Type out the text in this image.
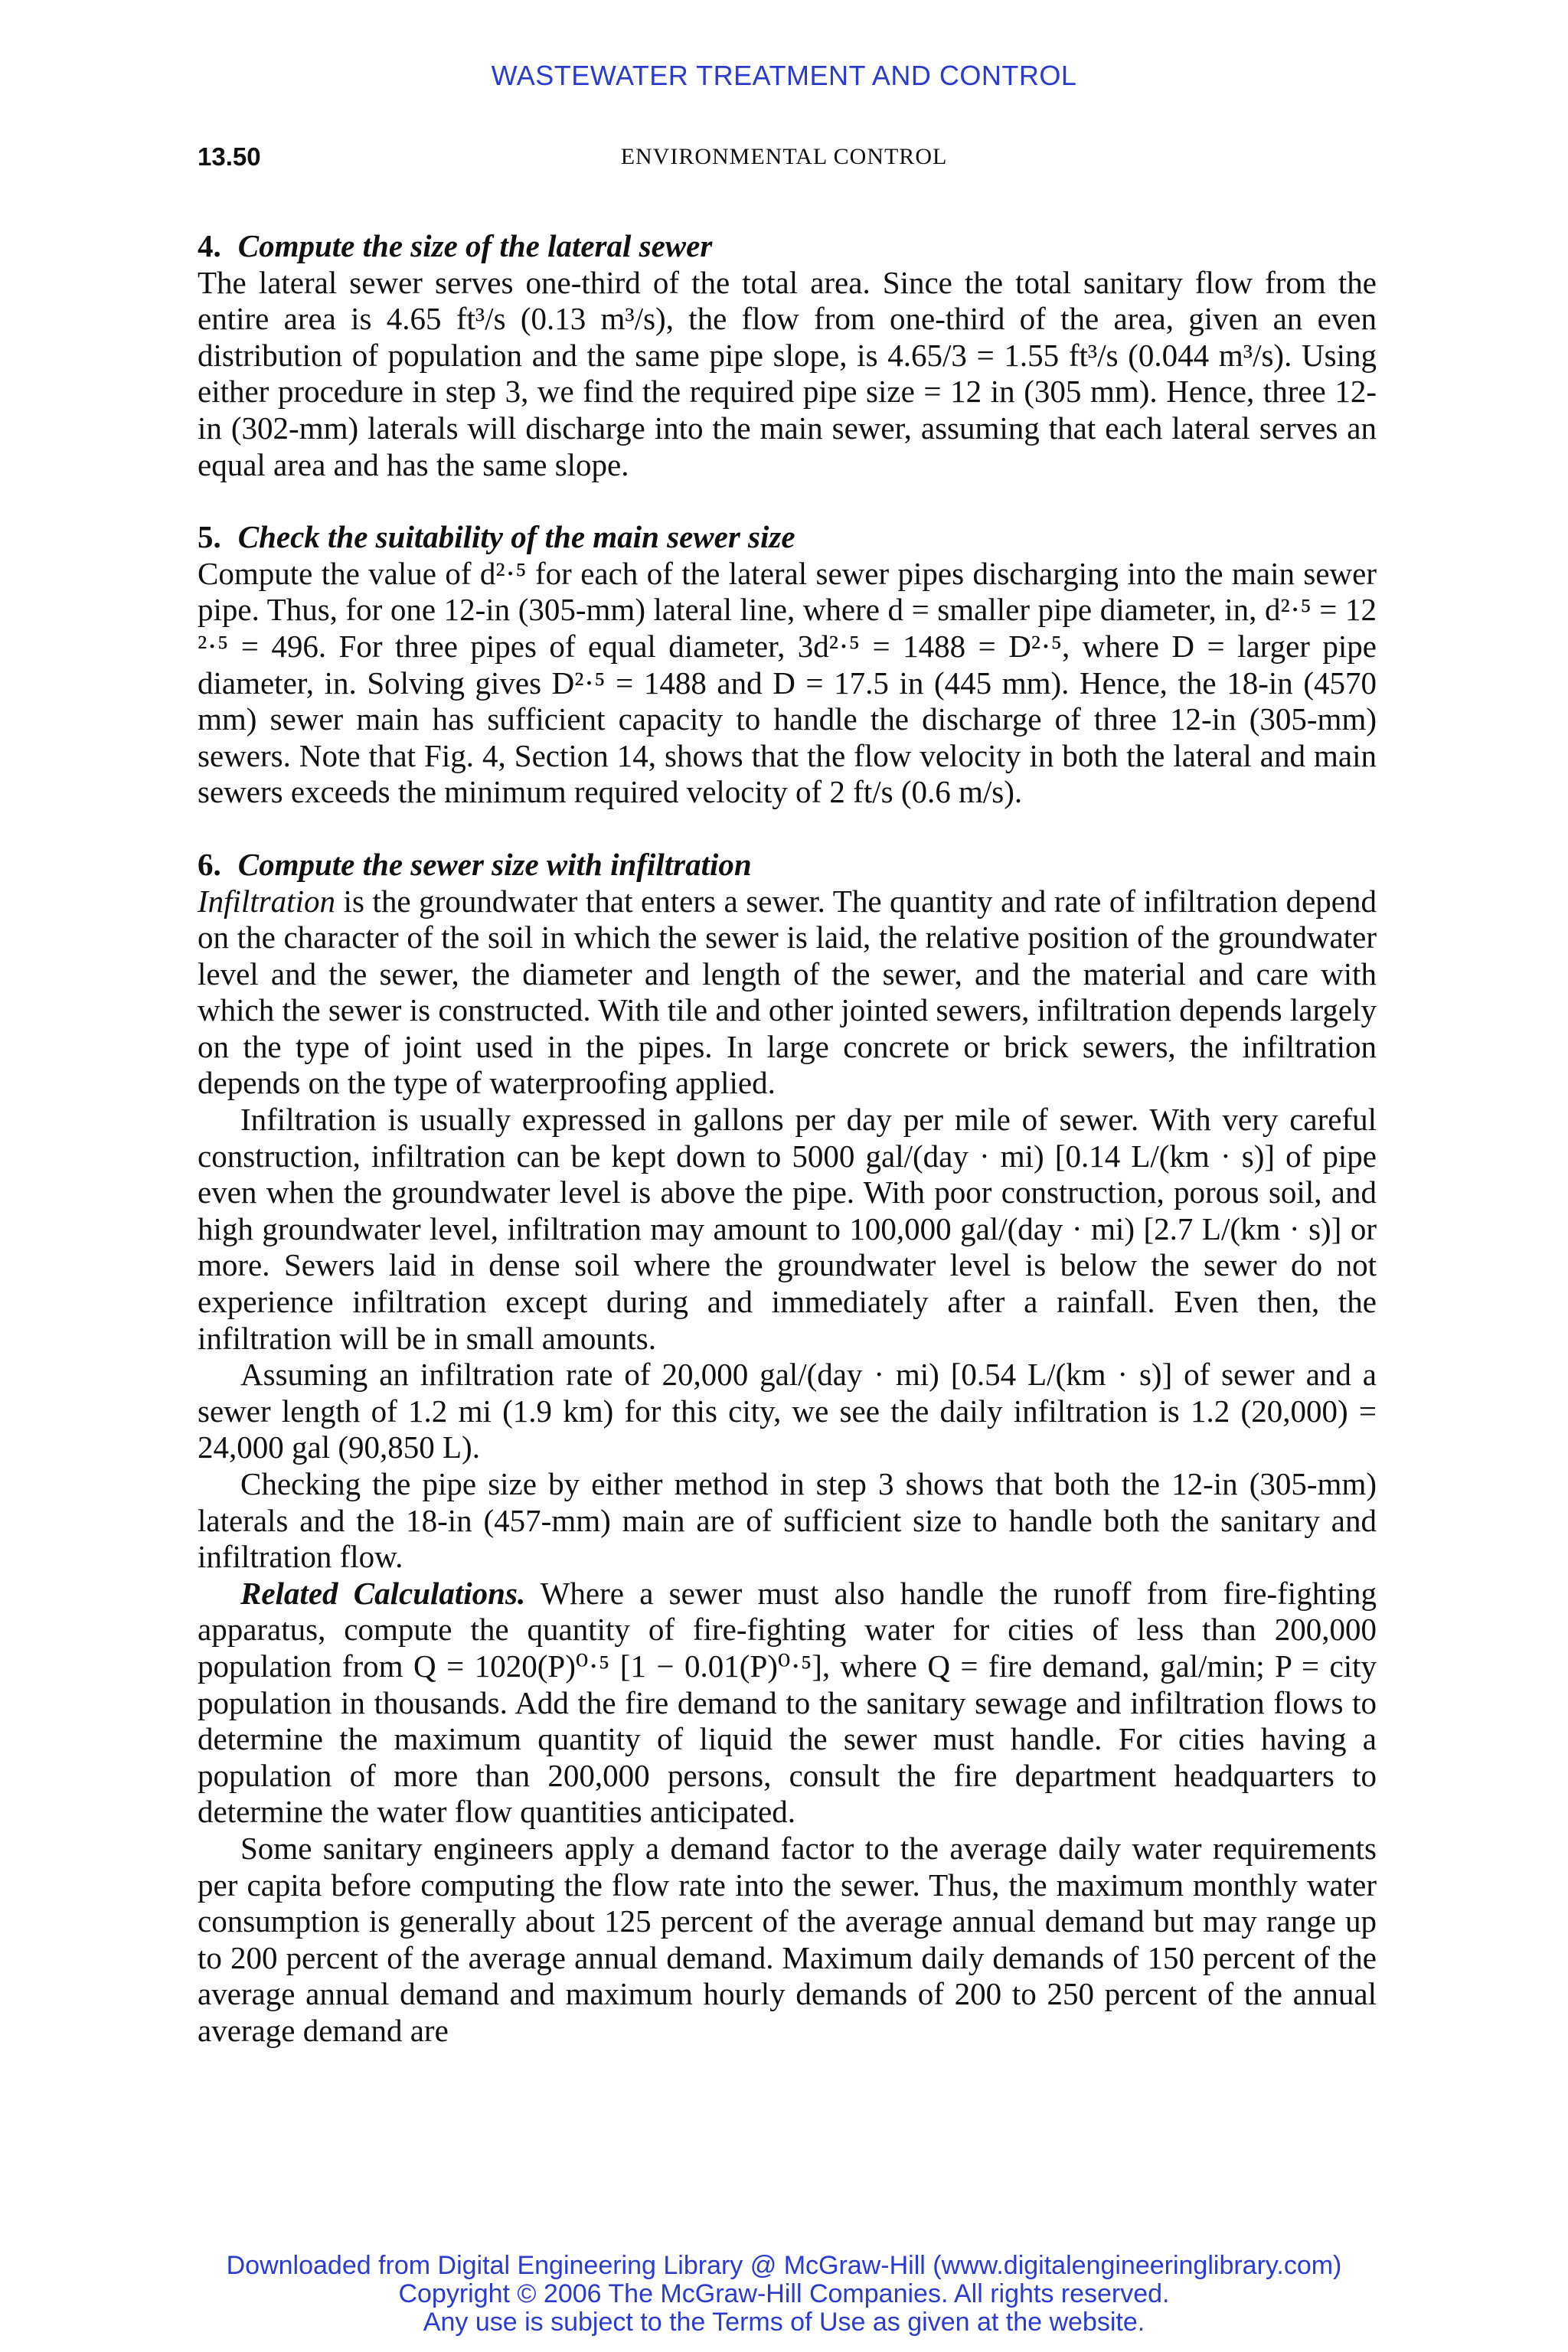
WASTEWATER TREATMENT AND CONTROL
13.50	ENVIRONMENTAL CONTROL
4. Compute the size of the lateral sewer

The lateral sewer serves one-third of the total area. Since the total sanitary flow from the entire area is 4.65 ft³/s (0.13 m³/s), the flow from one-third of the area, given an even distribution of population and the same pipe slope, is 4.65/3 = 1.55 ft³/s (0.044 m³/s). Using either procedure in step 3, we find the required pipe size = 12 in (305 mm). Hence, three 12-in (302-mm) laterals will discharge into the main sewer, assuming that each lateral serves an equal area and has the same slope.

5. Check the suitability of the main sewer size

Compute the value of d²·⁵ for each of the lateral sewer pipes discharging into the main sewer pipe. Thus, for one 12-in (305-mm) lateral line, where d = smaller pipe diameter, in, d²·⁵ = 12 ²·⁵ = 496. For three pipes of equal diameter, 3d²·⁵ = 1488 = D²·⁵, where D = larger pipe diameter, in. Solving gives D²·⁵ = 1488 and D = 17.5 in (445 mm). Hence, the 18-in (4570 mm) sewer main has sufficient capacity to handle the discharge of three 12-in (305-mm) sewers. Note that Fig. 4, Section 14, shows that the flow velocity in both the lateral and main sewers exceeds the minimum required velocity of 2 ft/s (0.6 m/s).

6. Compute the sewer size with infiltration

Infiltration is the groundwater that enters a sewer. The quantity and rate of infiltration depend on the character of the soil in which the sewer is laid, the relative position of the groundwater level and the sewer, the diameter and length of the sewer, and the material and care with which the sewer is constructed. With tile and other jointed sewers, infiltration depends largely on the type of joint used in the pipes. In large concrete or brick sewers, the infiltration depends on the type of waterproofing applied.

Infiltration is usually expressed in gallons per day per mile of sewer. With very careful construction, infiltration can be kept down to 5000 gal/(day · mi) [0.14 L/(km · s)] of pipe even when the groundwater level is above the pipe. With poor construction, porous soil, and high groundwater level, infiltration may amount to 100,000 gal/(day · mi) [2.7 L/(km · s)] or more. Sewers laid in dense soil where the groundwater level is below the sewer do not experience infiltration except during and immediately after a rainfall. Even then, the infiltration will be in small amounts.

Assuming an infiltration rate of 20,000 gal/(day · mi) [0.54 L/(km · s)] of sewer and a sewer length of 1.2 mi (1.9 km) for this city, we see the daily infiltration is 1.2 (20,000) = 24,000 gal (90,850 L).

Checking the pipe size by either method in step 3 shows that both the 12-in (305-mm) laterals and the 18-in (457-mm) main are of sufficient size to handle both the sanitary and infiltration flow.

Related Calculations. Where a sewer must also handle the runoff from fire-fighting apparatus, compute the quantity of fire-fighting water for cities of less than 200,000 population from Q = 1020(P)⁰·⁵ [1 − 0.01(P)⁰·⁵], where Q = fire demand, gal/min; P = city population in thousands. Add the fire demand to the sanitary sewage and infiltration flows to determine the maximum quantity of liquid the sewer must handle. For cities having a population of more than 200,000 persons, consult the fire department headquarters to determine the water flow quantities anticipated.

Some sanitary engineers apply a demand factor to the average daily water requirements per capita before computing the flow rate into the sewer. Thus, the maximum monthly water consumption is generally about 125 percent of the average annual demand but may range up to 200 percent of the average annual demand. Maximum daily demands of 150 percent of the average annual demand and maximum hourly demands of 200 to 250 percent of the annual average demand are

Downloaded from Digital Engineering Library @ McGraw-Hill (www.digitalengineeringlibrary.com)
Copyright © 2006 The McGraw-Hill Companies. All rights reserved.
Any use is subject to the Terms of Use as given at the website.
